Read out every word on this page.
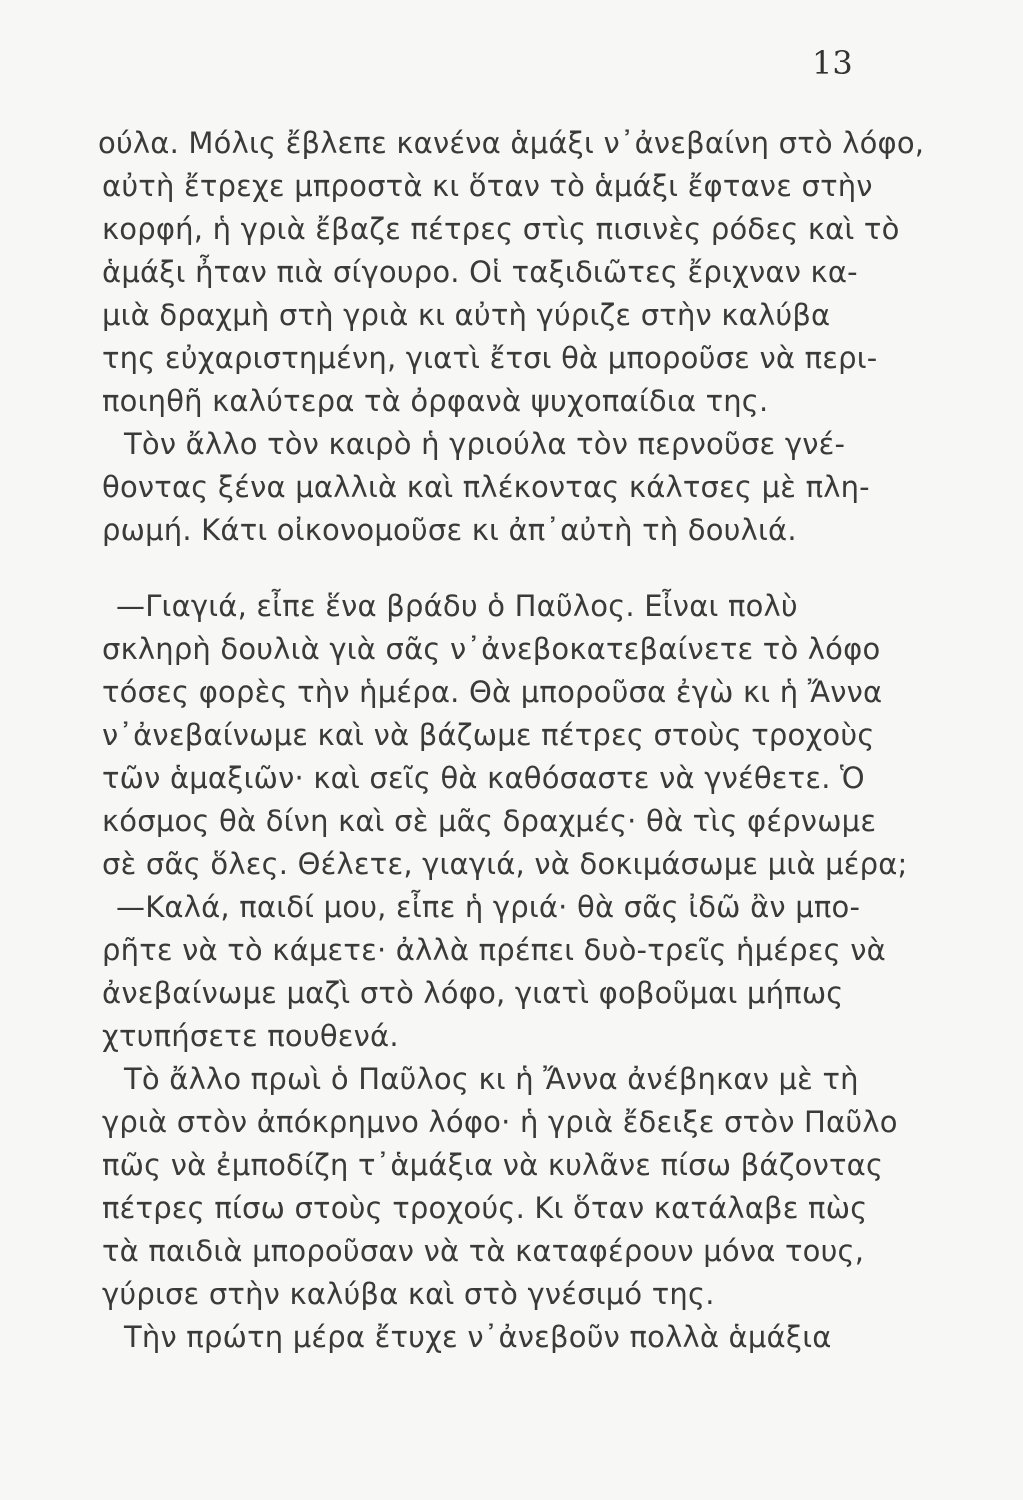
13
ούλα. Μόλις ἔβλεπε κανένα ἁμάξι ν᾿ἀνεβαίνη στὸ λόφο,
αὐτὴ ἔτρεχε μπροστὰ κι ὅταν τὸ ἁμάξι ἔφτανε στὴν
κορφή, ἡ γριὰ ἔβαζε πέτρες στὶς πισινὲς ρόδες καὶ τὸ
ἁμάξι ἦταν πιὰ σίγουρο. Οἱ ταξιδιῶτες ἔριχναν κα-
μιὰ δραχμὴ στὴ γριὰ κι αὐτὴ γύριζε στὴν καλύβα
της εὐχαριστημένη, γιατὶ ἔτσι θὰ μποροῦσε νὰ περι-
ποιηθῆ καλύτερα τὰ ὀρφανὰ ψυχοπαίδια της.
Τὸν ἄλλο τὸν καιρὸ ἡ γριούλα τὸν περνοῦσε γνέ-
θοντας ξένα μαλλιὰ καὶ πλέκοντας κάλτσες μὲ πλη-
ρωμή. Κάτι οἰκονομοῦσε κι ἀπ᾿αὐτὴ τὴ δουλιά.
—Γιαγιά, εἶπε ἕνα βράδυ ὁ Παῦλος. Εἶναι πολὺ
σκληρὴ δουλιὰ γιὰ σᾶς ν᾿ἀνεβοκατεβαίνετε τὸ λόφο
τόσες φορὲς τὴν ἡμέρα. Θὰ μποροῦσα ἐγὼ κι ἡ Ἄννα
ν᾿ἀνεβαίνωμε καὶ νὰ βάζωμε πέτρες στοὺς τροχοὺς
τῶν ἁμαξιῶν· καὶ σεῖς θὰ καθόσαστε νὰ γνέθετε. Ὁ
κόσμος θὰ δίνη καὶ σὲ μᾶς δραχμές· θὰ τὶς φέρνωμε
σὲ σᾶς ὅλες. Θέλετε, γιαγιά, νὰ δοκιμάσωμε μιὰ μέρα;
—Καλά, παιδί μου, εἶπε ἡ γριά· θὰ σᾶς ἰδῶ ἂν μπο-
ρῆτε νὰ τὸ κάμετε· ἀλλὰ πρέπει δυὸ-τρεῖς ἡμέρες νὰ
ἀνεβαίνωμε μαζὶ στὸ λόφο, γιατὶ φοβοῦμαι μήπως
χτυπήσετε πουθενά.
Τὸ ἄλλο πρωὶ ὁ Παῦλος κι ἡ Ἄννα ἀνέβηκαν μὲ τὴ
γριὰ στὸν ἀπόκρημνο λόφο· ἡ γριὰ ἔδειξε στὸν Παῦλο
πῶς νὰ ἐμποδίζη τ᾿ἁμάξια νὰ κυλᾶνε πίσω βάζοντας
πέτρες πίσω στοὺς τροχούς. Κι ὅταν κατάλαβε πὼς
τὰ παιδιὰ μποροῦσαν νὰ τὰ καταφέρουν μόνα τους,
γύρισε στὴν καλύβα καὶ στὸ γνέσιμό της.
Τὴν πρώτη μέρα ἔτυχε ν᾿ἀνεβοῦν πολλὰ ἁμάξια
